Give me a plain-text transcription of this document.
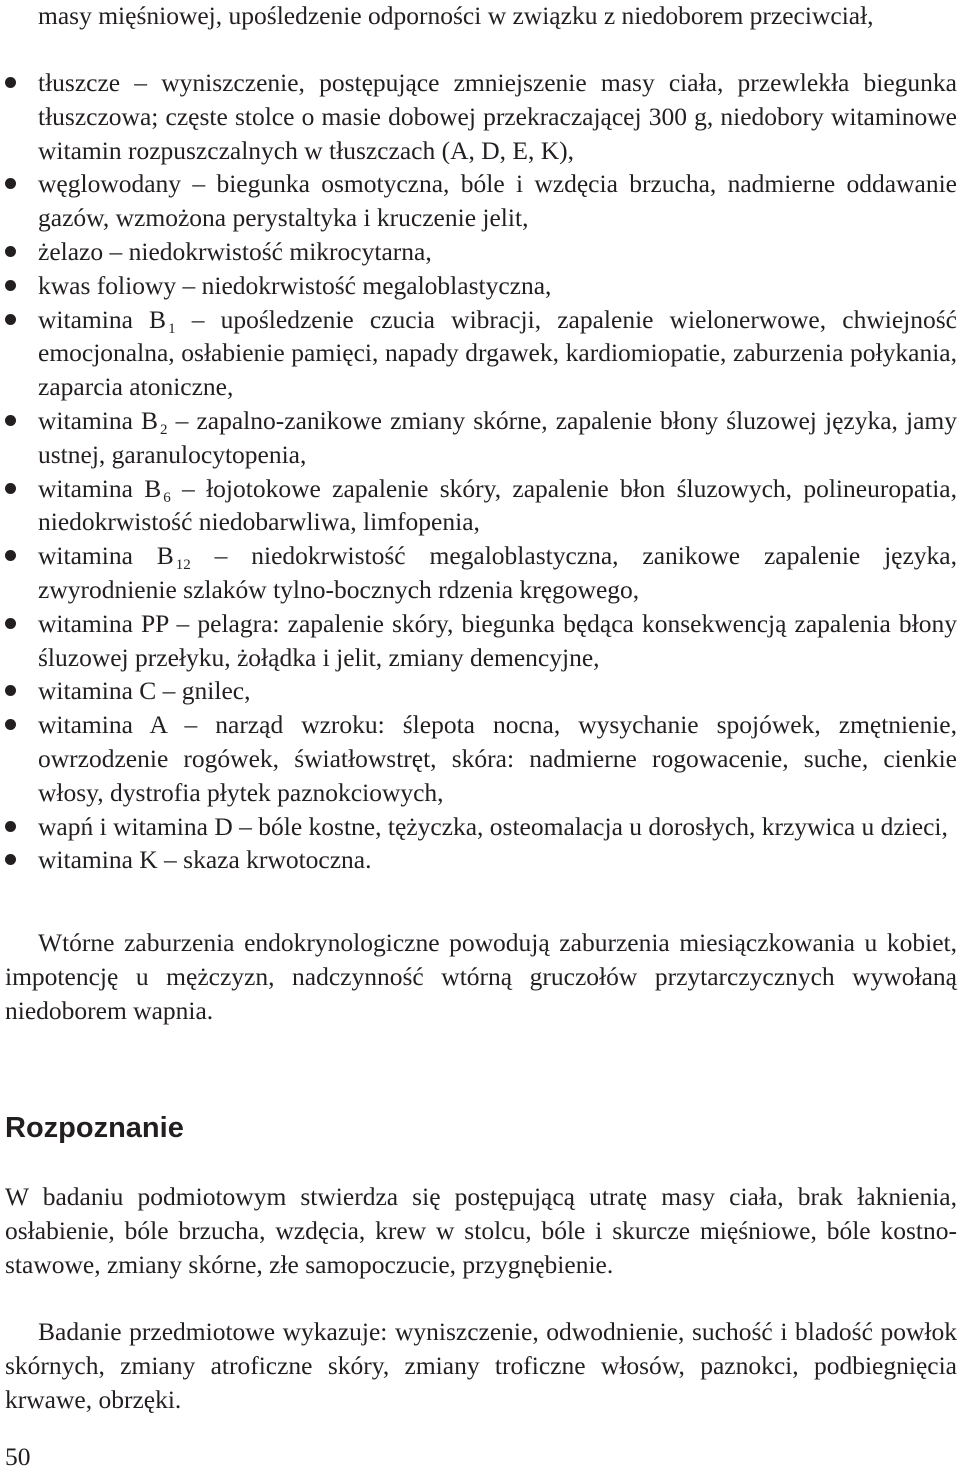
masy mięśniowej, upośledzenie odporności w związku z niedoborem przeciwciał,

tłuszcze – wyniszczenie, postępujące zmniejszenie masy ciała, przewlekła biegunka tłuszczowa; częste stolce o masie dobowej przekraczającej 300 g, niedobory witaminowe witamin rozpuszczalnych w tłuszczach (A, D, E, K),
węglowodany – biegunka osmotyczna, bóle i wzdęcia brzucha, nadmierne oddawanie gazów, wzmożona perystaltyka i kruczenie jelit,
żelazo – niedokrwistość mikrocytarna,
kwas foliowy – niedokrwistość megaloblastyczna,
witamina B $_1$ – upośledzenie czucia wibracji, zapalenie wielonerwowe, chwiejność emocjonalna, osłabienie pamięci, napady drgawek, kardiomiopatie, zaburzenia połykania, zaparcia atoniczne,
witamina B $_2$ – zapalno-zanikowe zmiany skórne, zapalenie błony śluzowej języka, jamy ustnej, garanulocytopenia,
witamina B $_6$ – łojotokowe zapalenie skóry, zapalenie błon śluzowych, polineuropatia, niedokrwistość niedobarwliwa, limfopenia,
witamina B $_{12}$ – niedokrwistość megaloblastyczna, zanikowe zapalenie języka, zwyrodnienie szlaków tylno-bocznych rdzenia kręgowego,
witamina PP – pelagra: zapalenie skóry, biegunka będąca konsekwencją zapalenia błony śluzowej przełyku, żołądka i jelit, zmiany demencyjne,
witamina C – gnilec,
witamina A – narząd wzroku: ślepota nocna, wysychanie spojówek, zmętnienie, owrzodzenie rogówek, światłowstręt, skóra: nadmierne rogowacenie, suche, cienkie włosy, dystrofia płytek paznokciowych,
wapń i witamina D – bóle kostne, tężyczka, osteomalacja u dorosłych, krzywica u dzieci,
witamina K – skaza krwotoczna.

Wtórne zaburzenia endokrynologiczne powodują zaburzenia miesiączkowania u kobiet, impotencję u mężczyzn, nadczynność wtórną gruczołów przytarczycznych wywołaną niedoborem wapnia.

Rozpoznanie

W badaniu podmiotowym stwierdza się postępującą utratę masy ciała, brak łaknienia, osłabienie, bóle brzucha, wzdęcia, krew w stolcu, bóle i skurcze mięśniowe, bóle kostno-stawowe, zmiany skórne, złe samopoczucie, przygnębienie.

Badanie przedmiotowe wykazuje: wyniszczenie, odwodnienie, suchość i bladość powłok skórnych, zmiany atroficzne skóry, zmiany troficzne włosów, paznokci, podbiegnięcia krwawe, obrzęki.

50
